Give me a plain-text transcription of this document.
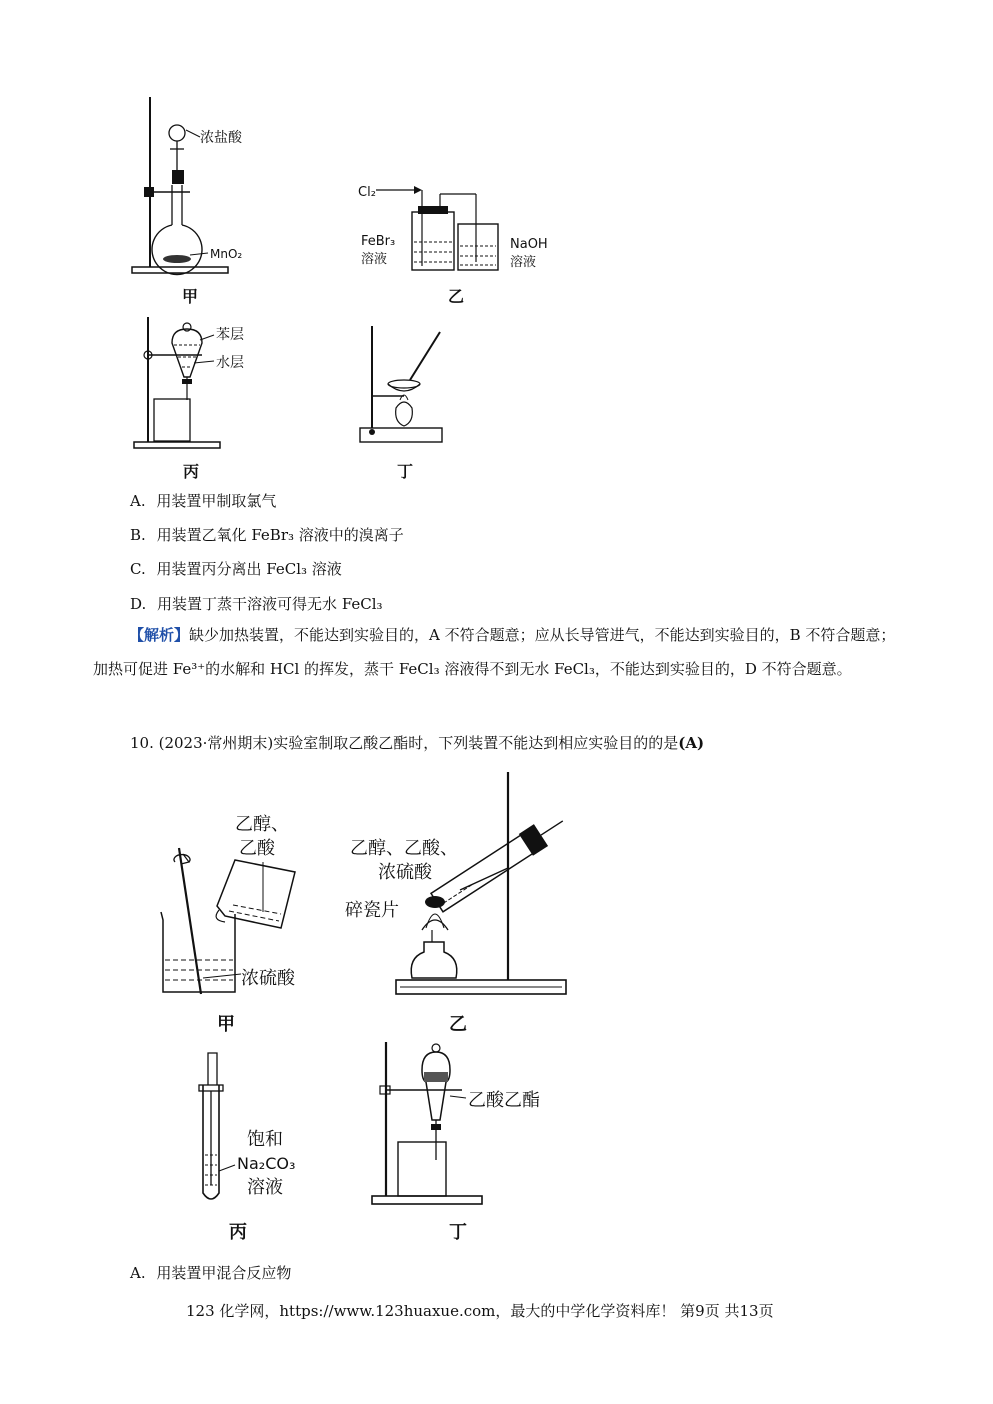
浓盐酸
MnO₂
甲
Cl₂
FeBr₃
溶液
NaOH
溶液
乙
苯层
水层
丙	丁
A. 用装置甲制取氯气
B. 用装置乙氧化 FeBr₃ 溶液中的溴离子
C. 用装置丙分离出 FeCl₃ 溶液
D. 用装置丁蒸干溶液可得无水 FeCl₃
【解析】缺少加热装置，不能达到实验目的，A 不符合题意；应从长导管进气，不能达到实验目的，B 不符合题意；加热可促进 Fe³⁺的水解和 HCl 的挥发，蒸干 FeCl₃ 溶液得不到无水 FeCl₃，不能达到实验目的，D 不符合题意。
10. (2023·常州期末)实验室制取乙酸乙酯时，下列装置不能达到相应实验目的的是(A)
乙醇、
乙酸
浓硫酸
甲
乙醇、乙酸、
浓硫酸
碎瓷片
乙
饱和
Na₂CO₃
溶液
丙
乙酸乙酯
丁
A. 用装置甲混合反应物
123 化学网，https://www.123huaxue.com，最大的中学化学资料库！ 第9页 共13页
